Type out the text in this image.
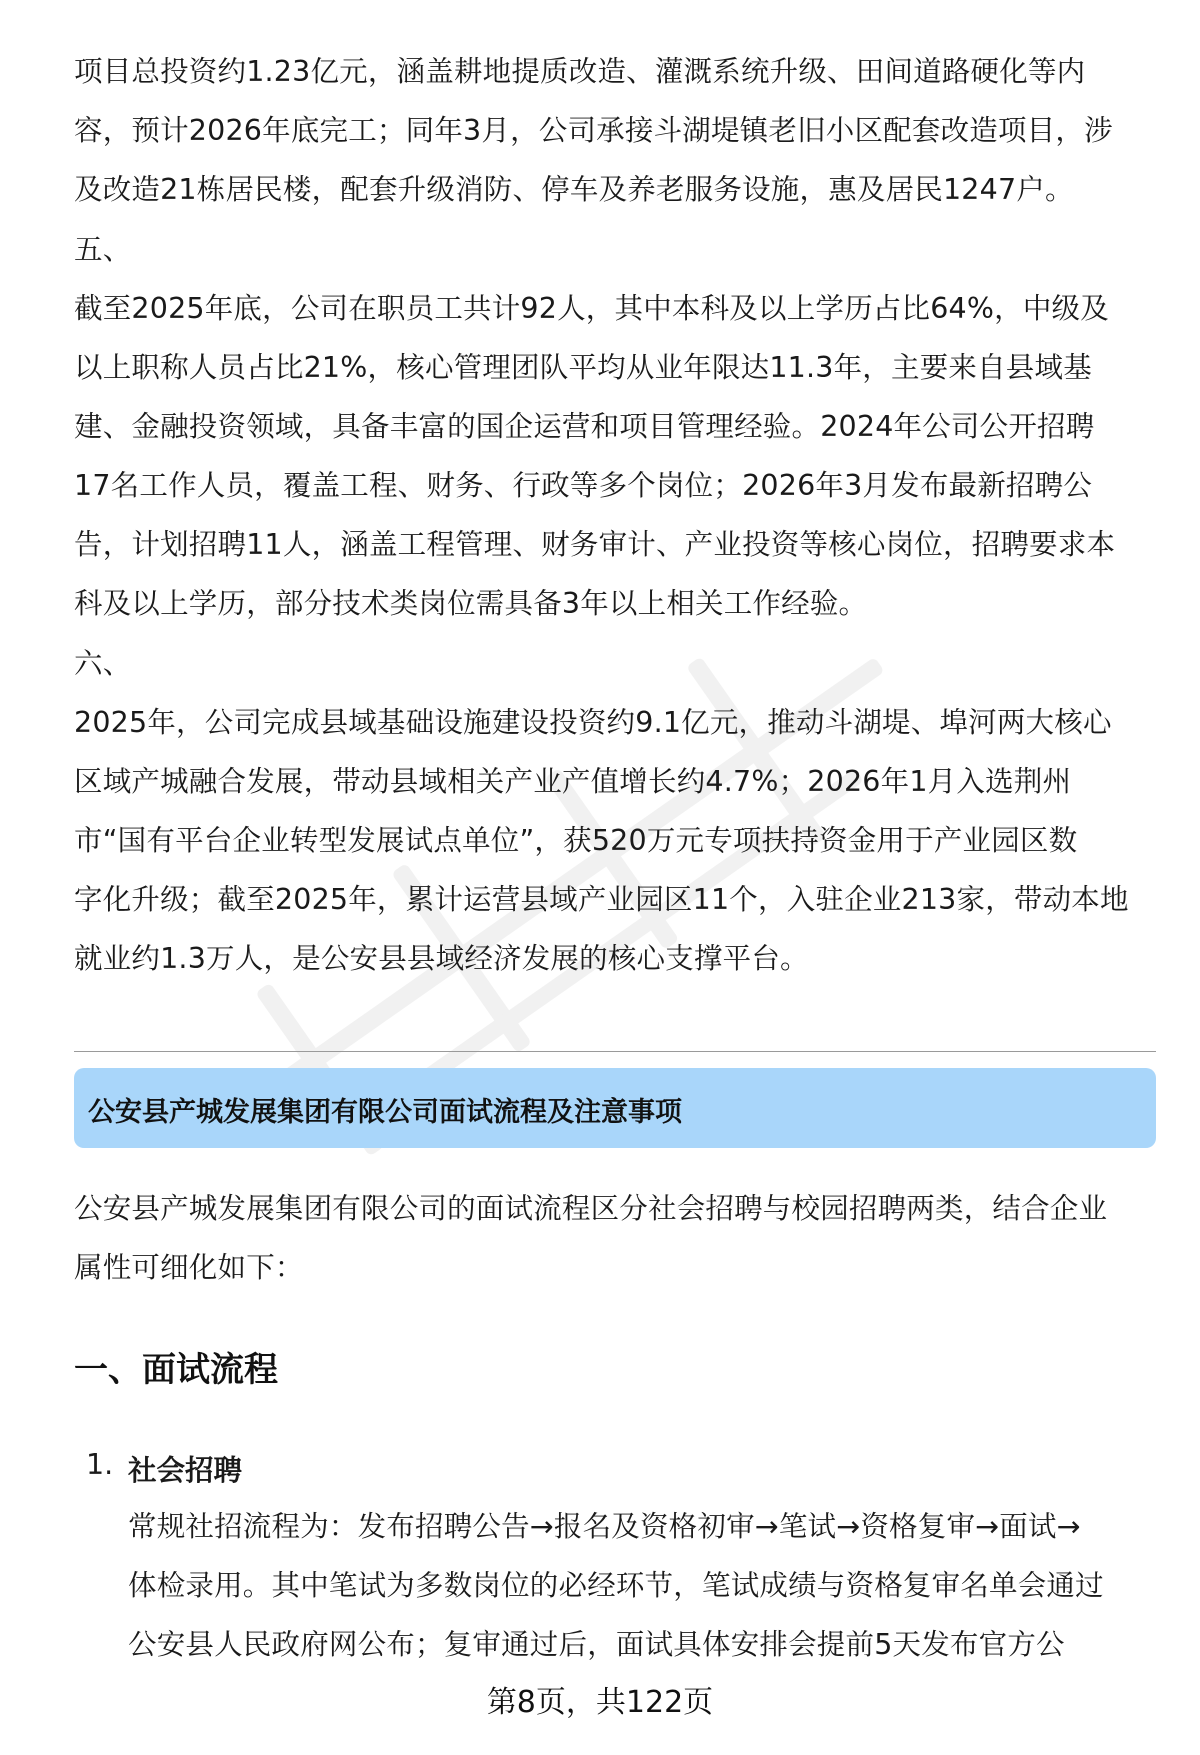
项目总投资约1.23亿元，涵盖耕地提质改造、灌溉系统升级、田间道路硬化等内
容，预计2026年底完工；同年3月，公司承接斗湖堤镇老旧小区配套改造项目，涉
及改造21栋居民楼，配套升级消防、停车及养老服务设施，惠及居民1247户。
五、
截至2025年底，公司在职员工共计92人，其中本科及以上学历占比64%，中级及
以上职称人员占比21%，核心管理团队平均从业年限达11.3年，主要来自县域基
建、金融投资领域，具备丰富的国企运营和项目管理经验。2024年公司公开招聘
17名工作人员，覆盖工程、财务、行政等多个岗位；2026年3月发布最新招聘公
告，计划招聘11人，涵盖工程管理、财务审计、产业投资等核心岗位，招聘要求本
科及以上学历，部分技术类岗位需具备3年以上相关工作经验。
六、
2025年，公司完成县域基础设施建设投资约9.1亿元，推动斗湖堤、埠河两大核心
区域产城融合发展，带动县域相关产业产值增长约4.7%；2026年1月入选荆州
市“国有平台企业转型发展试点单位”，获520万元专项扶持资金用于产业园区数
字化升级；截至2025年，累计运营县域产业园区11个，入驻企业213家，带动本地
就业约1.3万人，是公安县县域经济发展的核心支撑平台。
公安县产城发展集团有限公司面试流程及注意事项
公安县产城发展集团有限公司的面试流程区分社会招聘与校园招聘两类，结合企业
属性可细化如下：
一、面试流程
1. 社会招聘
常规社招流程为：发布招聘公告→报名及资格初审→笔试→资格复审→面试→
体检录用。其中笔试为多数岗位的必经环节，笔试成绩与资格复审名单会通过
公安县人民政府网公布；复审通过后，面试具体安排会提前5天发布官方公
第8页，共122页
